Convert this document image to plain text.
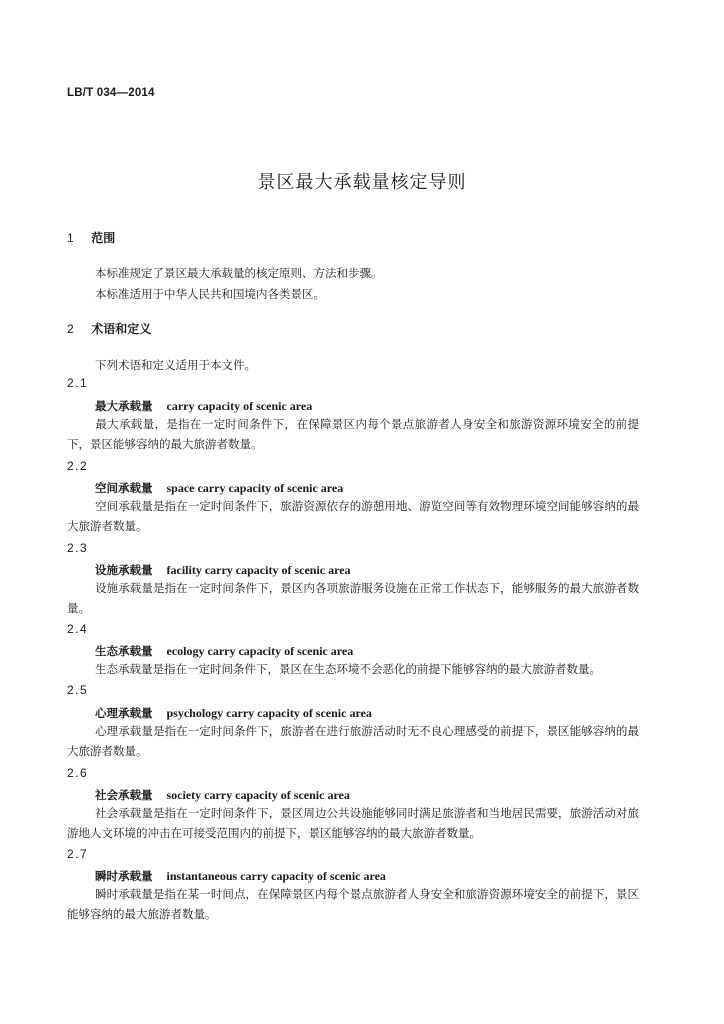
LB/T 034—2014
景区最大承载量核定导则
1 范围
本标准规定了景区最大承载量的核定原则、方法和步骤。
本标准适用于中华人民共和国境内各类景区。
2 术语和定义
下列术语和定义适用于本文件。
2.1
最大承载量 carry capacity of scenic area
最大承载量，是指在一定时间条件下，在保障景区内每个景点旅游者人身安全和旅游资源环境安全的前提下，景区能够容纳的最大旅游者数量。
2.2
空间承载量 space carry capacity of scenic area
空间承载量是指在一定时间条件下，旅游资源依存的游憩用地、游览空间等有效物理环境空间能够容纳的最大旅游者数量。
2.3
设施承载量 facility carry capacity of scenic area
设施承载量是指在一定时间条件下，景区内各项旅游服务设施在正常工作状态下，能够服务的最大旅游者数量。
2.4
生态承载量 ecology carry capacity of scenic area
生态承载量是指在一定时间条件下，景区在生态环境不会恶化的前提下能够容纳的最大旅游者数量。
2.5
心理承载量 psychology carry capacity of scenic area
心理承载量是指在一定时间条件下，旅游者在进行旅游活动时无不良心理感受的前提下，景区能够容纳的最大旅游者数量。
2.6
社会承载量 society carry capacity of scenic area
社会承载量是指在一定时间条件下，景区周边公共设施能够同时满足旅游者和当地居民需要，旅游活动对旅游地人文环境的冲击在可接受范围内的前提下，景区能够容纳的最大旅游者数量。
2.7
瞬时承载量 instantaneous carry capacity of scenic area
瞬时承载量是指在某一时间点，在保障景区内每个景点旅游者人身安全和旅游资源环境安全的前提下，景区能够容纳的最大旅游者数量。
